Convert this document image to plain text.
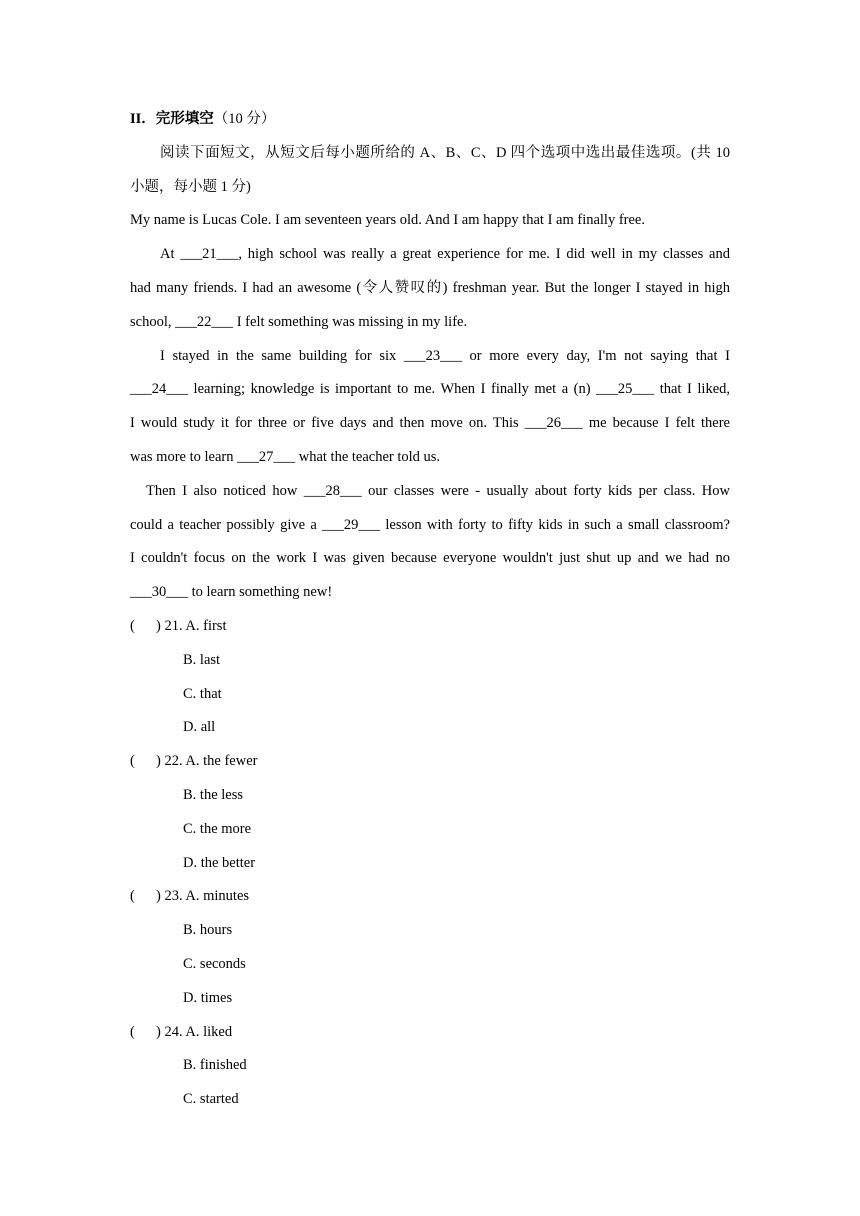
II．完形填空（10 分）
阅读下面短文，从短文后每小题所给的 A、B、C、D 四个选项中选出最佳选项。(共 10
小题，每小题 1 分)
My name is Lucas Cole. I am seventeen years old. And I am happy that I am finally free.
At ___21___, high school was really a great experience for me. I did well in my classes and
had many friends. I had an awesome (令人赞叹的) freshman year. But the longer I stayed in high
school, ___22___ I felt something was missing in my life.
I stayed in the same building for six ___23___ or more every day, I'm not saying that I
___24___ learning; knowledge is important to me. When I finally met a (n) ___25___ that I liked,
I would study it for three or five days and then move on. This ___26___ me because I felt there
was more to learn ___27___ what the teacher told us.
Then I also noticed how ___28___ our classes were - usually about forty kids per class. How
could a teacher possibly give a ___29___ lesson with forty to fifty kids in such a small classroom?
I couldn't focus on the work I was given because everyone wouldn't just shut up and we had no
___30___ to learn something new!
( ) 21. A. first
B. last
C. that
D. all
( ) 22. A. the fewer
B. the less
C. the more
D. the better
( ) 23. A. minutes
B. hours
C. seconds
D. times
( ) 24. A. liked
B. finished
C. started
